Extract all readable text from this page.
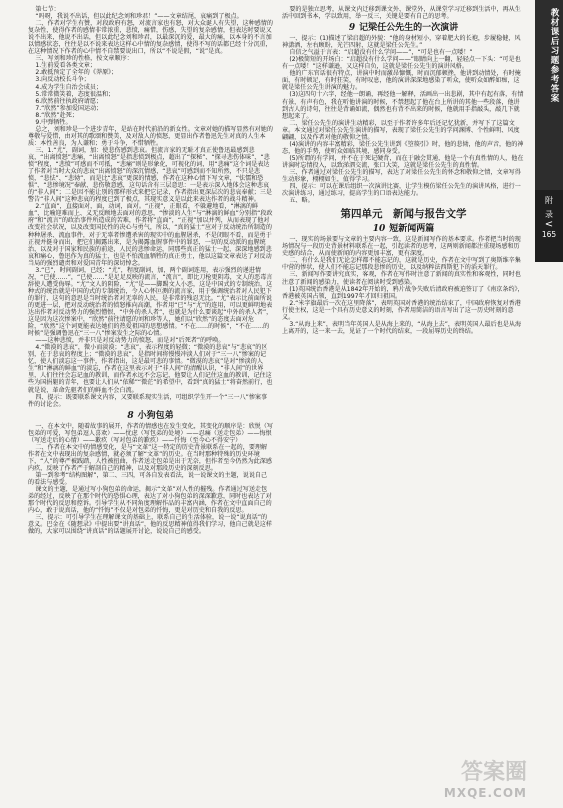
第七节：

“吗呀，我说不出话，但以此纪念刘和珍君！”——文章结尾，哀痛到了极点。

二、作者对学生有赞，对段政府有怒，对流言家也有怒，对大众诞人有失望，这种感情的复杂性，使得作者的感情非常浓重，悲愤，痛惜，伤感，失望的复杂感情，但表达时要说又说不出来，他说不出话，但以此纪念刘和珍君，以最深沉的爱，最大的痛，以本身的不言加以情感状态，往往是以不说来表达这样心中情的复杂感情，使得不写的话都已经十分沉重，在这种情况下作者的心中情不自禁要说出口，所以“不说是假，“说”是真。

三、写刘和珍的性格，按文章顺序：

1.生前爱看各类文章；

2.敢抵预定了全年的《莽原》；

3.向反动校长斗争；

4.成为学生自治会成员；

5.常常微笑着，态度很温和；

6.欣然前往执政府请愿；

7.“欣然”参加爱国运动；

8.“欣然”赴死；

9.中弹牺牲。

总之，刘和珍是一个进步青年，是站在时代前沿的新女性。文章对她的描写显然有对她的尊敬与爱惜，由对其的歌颂和赞美，及对敌人的愤怒，更显出作者鲁迅先生对真的人生本质：本性善良，为人谦和；勇于斗争，不惜牺牲。

三、1.“尤”，副词，加：使悲伤感到悲哀。但流言家的无耻才真正使鲁迅最感到悲哀，“出离愤怒”悲痛，“出离愤怒”是指悲愤到极点，超出了“探秘”、“探寻悲伤体味”、“悲愤”程度，“悲愤”可感而不可抵，“悲痛”则是形象化，可视化的词，用“悲痛”这个词是表达了作者对当时大众的悲哀“出离愤怒”的深沉情感，“悲哀”可感到而不知所然，不只是悲愤，“悲怯”、“悲恸”，而是比“悲哀”更深的情感，作者在这种心情下写文章，“怯懦和恐惧”、“悲惨境况”奉献、悲伤敬意感，这句话含有三层意思：一是表示深入地体会这种悲哀的“非人间”；二是因不能让别的那样形式来把它记录，作者指出更深层次的悲哀奉献；三是警告“非人间”这种悲哀的程度已到了极点，其现实意义是以此来表达作者的战斗精神。

2.“直面”，直接面对，面，动词，面对。“正视”，正眼看，不躲避地看，“淋漓的鲜血”，比喻迎难而上、义无反顾地去面对的意思，“惨淡的人生”与“淋漓的鲜血”分别指“段政府”和“流言”的政治事件所造成的苦难，作者将“直面”，“正视”加以并列，从而表现了他对改变社会状况，以及改变国民性的决心与勇气，所以，“真的猛士”应对于反动统治所制造的种种屠杀、流血事件，对于无辜者惨遭杀害的现实中的血腥屠杀，不是闭眼不看，而是勇于正视并挺身而出，把它们揭露出来，是为揭露血腥事件中的罪恶，一切的反动派的血腥统治，以及对于国家和民族的前途，人民的悲惨命运，同那些真正的猛士一起，深深地感到悲哀和痛心，鲁迅作为真的猛士，也是不怕流血牺牲的真正勇士，他以这篇文章表达了对反动当局的强烈谴责和对爱国青年的深切悼念。

3.“已”，时间副词，已经；“尤”，程度副词，加，两个副词连用，表示强烈的递进情况，“已使……”，“已使……”是足足反映的流言，“流言”，即比刀枪更阴毒，文人的恶毒言辞使人遭受侮辱。“尤”文人的阴险，“尤”是——脚踢文人小恶，这是中国式的专制统治，这种式的统治就是中国的式的专制统治，令人心怀叵测的流言家，用于强调统治者对人民犯下的罪行，这句的意思是当时统治者对无辜的人民，是非常的残忍无比。“尤”表示比前面所说的更进一层，把对反动统治者的愤怒推向高潮，作者用“已”与“尤”的连用，可以更鲜明地表达出作者对反动势力的强烈憎恨，“中外的杀人者”，也就是为什么要谈起“中外的杀人者”，这是因为这次惨案中，“欣然”前往请愿的刘和珍等人，她们以“欣然”的态度去面对危险，“欣然”这个词更能表达她们的热爱祖国的思想感情。“不在……的时候”，“不在……的时候”是强调鲁迅在“三一八”惨案发生之际的心情。

——这种悲愤，并非只是对反动势力的愤怒，而是对“后死者”的呼唤。

4.“微漠的悲哀”，微小而淡漠；“悲哀”，表示程度的轻微；“微漠的悲哀”与“悲哀”的区别，在于悲哀的程度上；“微漠的悲哀”，是指时间将慢慢冲淡人们对于“三一八”惨案的记忆，使人们淡忘这一事件，作者指出，这是最可悲的事情。“微漠的悲哀”是对“惨淡的人生”和“淋漓的鲜血”的淡忘，作者在这里表示对于“非人间”的清醒认识，“非人间”的世界里，人们往往会忘记血的教训，而作者永远不会忘记，他要让人们记住这血的教训，记住这些为国捐躯的青年，也要让人们从“依稀”“微茫”的希望中，看到“真的猛士”将奋然前行，也就是说，革命先驱者们的鲜血不会白流。

四、提示：既要联系课文内容，又要联系现实生活，可组织学生开一个“三一八”惨案事件的讨论会。

8 小狗包弟

一、在本文中，随着故事的展开，作者的情感也在发生变化，其变化的顺序是：欣悦（写包弟的可爱，写包弟逗人喜欢）——忧虑（写包弟的处境）——忍痛（送走包弟）——悔恨（写送走后的心情）——歉疚（写对包弟的歉疚）——忏悔（至今心不得安宁）

二、作者在本文中的情感变化，是与“文革”这一特定的历史背景联系在一起的，要理解作者在文中表现出的复杂感情，就必须了解“文革”的历史。在当时那种特殊的历史环境下，“人”的尊严被践踏，人性被扭曲，作者送走包弟是出于无奈，但作者至今仍然为此深感内疚，反映了作者严于解剖自己的精神，以及对那段历史的深刻反思。

第一到参考“结构图解”，第二、三四，可各自发表看法，说一说课文的主题，说说自己的看法与感受。

课文的主题，是通过写小狗包弟的命运，揭示“文革”对人性的摧残。作者通过写送走包弟的经过，反映了在那个时代的恐惧心理，表达了对小狗包弟的深深歉意，同时也表达了对那个时代的反思和控诉。引导学生从不同角度理解作品的丰富内涵，作者在文中直面自己的内心，敢于说真话，他的“忏悔”不仅是对包弟的忏悔，更是对历史和自我的反思。

三、提示：可引导学生在理解课文的基础上，联系自己的生活体验，说一说“说真话”的意义。巴金在《随想录》中提出要“讲真话”，他的反思精神值得我们学习，他自己就是这样做的，大家可以围绕“讲真话”的话题展开讨论，说说自己的感受。

要的是独立思考，从课文内迁移到课文外、课堂外，从课堂学习迁移到生活中，再从生活中回到书本，学以致用，举一反三，关键是要有自己的思考。

9 记梁任公先生的一次演讲

一、提示：(1)描述了梁启超的外貌：“他的身材短小，穿着肥大的长袍，步履稳健，风神潇洒，左右顾盼，光芒四射，这就是梁任公先生。”

自信之气溢于言表：“启超没有什么学问——”，“可是也有一点喽！”

(2)极简短的开场白：“启超没有什么学问——”眼睛向上一翻，轻轻点一下头：“可是也有一点喽！”这样谦逊，又这样自负，这就是梁任公先生的演讲风格。

他的广东官话很有特点，讲演中时而激昂慷慨，时而沉郁顿挫，他讲到动情处，有时掩面，有时顿足，有时狂笑，有时叹息，他的演讲深深地感染了听众，使听众如醉如痴，这就是梁任公先生讲演的魅力。

(3)这四句十六字，经他一朗诵，再经他一解释，活画出一出悲剧，其中有起有落，有情有景，有声有色，我在听他讲演的时候，不禁想起了他在台上所讲的其他一些段落，他讲到古人的诗句，往往是背诵如流，偶然也有背不出来的时候，他就用手指敲头，敲几下就想起来了。

二、梁任公先生的演讲生动精彩，以至于作者许多年后还记忆犹新，并写下了这篇文章。本文通过对梁任公先生演讲的描写，表现了梁任公先生的学问渊博、个性鲜明、风度翩翩，以及作者对他的敬仰之情。

(4)演讲的内容丰富精彩，梁任公先生讲到《箜篌引》时，他的悲恸，他的声音，他的神态，他的手势，使听众如临其境，感同身受。

(5)所谓的有学问，并不在于死记硬背，而在于融会贯通，他是一个有真性情的人，他在讲演时忘情投入，以致涕泗交流，张口大笑，这就是梁任公先生的真性情。

三、作者通过对梁任公先生的描写，表达了对梁任公先生的怀念和敬仰之情，文章写得生动形象，栩栩如生，值得学习。

四、提示：可以在课后组织一次演讲比赛，让学生模仿梁任公先生的演讲风格，进行一次演讲练习，通过练习，提高学生的口语表达能力。

五、略。

第四单元　新闻与报告文学
10 短新闻两篇

一、现实的场景要与文章的主要内容一致，这是新闻写作的基本要求。作者把当时的现场情况与一段历史背景材料联系在一起，引起读者的思考，这两则新闻都注重现场感和历史感的结合，从而使新闻的内容更加丰富，更有深度。

二、有什么是我们无论怎样都不能忘记的，这就是历史，作者在文中写到了奥斯维辛集中营的惨状，使人们不能忘记那段悲惨的历史，以及纳粹法西斯犯下的滔天罪行。

三、新闻写作要讲究真实，客观，作者在写作时注意了新闻的真实性和客观性，同时也注意了新闻的感染力，使读者在阅读时受到感染。

(1)英国统治香港是从1842年开始的，鸦片战争失败后清政府被迫签订了《南京条约》，香港被英国占领，直到1997年才回归祖国。

2.“米字旗最后一次在这里降落”，表明英国对香港的统治结束了，中国政府恢复对香港行使主权，这是一个具有历史意义的时刻，作者用简洁的语言写出了这一历史时刻的意义。

3.“从海上来”，表明当年英国人是从海上来的，“从海上去”，表明英国人最后也是从海上离开的，这一来一去，见证了一个时代的结束，一段屈辱历史的终结。

教材课后习题参考答案
附
录
<
165
答案圈
MXQE.COM
